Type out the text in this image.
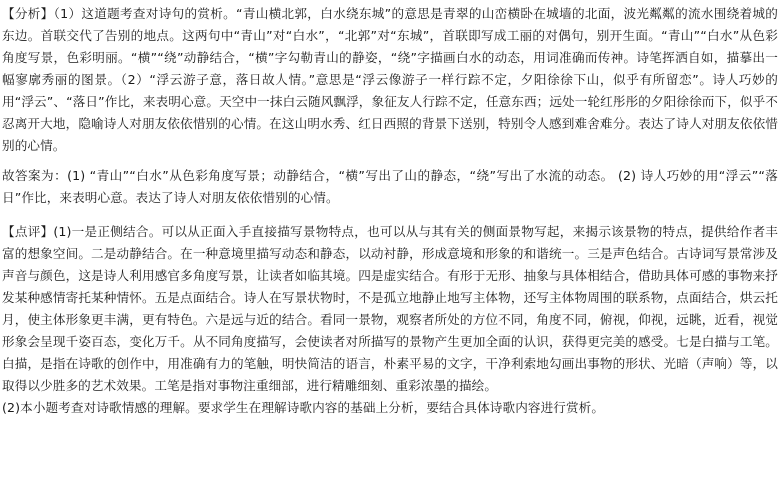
【分析】（1）这道题考查对诗句的赏析。“青山横北郭，白水绕东城”的意思是青翠的山峦横卧在城墙的北面，波光粼粼的流水围绕着城的东边。首联交代了告别的地点。这两句中“青山”对“白水”，“北郭”对“东城”，首联即写成工丽的对偶句，别开生面。“青山”“白水”从色彩角度写景，色彩明丽。“横”“绕”动静结合，“横”字勾勒青山的静姿，“绕”字描画白水的动态，用词准确而传神。诗笔挥洒自如，描摹出一幅寥廓秀丽的图景。（2）“浮云游子意，落日故人情。”意思是“浮云像游子一样行踪不定，夕阳徐徐下山，似乎有所留恋”。诗人巧妙的用“浮云”、“落日”作比，来表明心意。天空中一抹白云随风飘浮，象征友人行踪不定，任意东西；远处一轮红彤彤的夕阳徐徐而下，似乎不忍离开大地，隐喻诗人对朋友依依惜别的心情。在这山明水秀、红日西照的背景下送别，特别令人感到难舍难分。表达了诗人对朋友依依惜别的心情。

故答案为：(1) “青山”“白水”从色彩角度写景；动静结合，“横”写出了山的静态，“绕”写出了水流的动态。 (2) 诗人巧妙的用“浮云”“落日”作比，来表明心意。表达了诗人对朋友依依惜别的心情。

【点评】(1)一是正侧结合。可以从正面入手直接描写景物特点，也可以从与其有关的侧面景物写起，来揭示该景物的特点，提供给作者丰富的想象空间。二是动静结合。在一种意境里描写动态和静态，以动衬静，形成意境和形象的和谐统一。三是声色结合。古诗词写景常涉及声音与颜色，这是诗人利用感官多角度写景，让读者如临其境。四是虚实结合。有形于无形、抽象与具体相结合，借助具体可感的事物来抒发某种感情寄托某种情怀。五是点面结合。诗人在写景状物时，不是孤立地静止地写主体物，还写主体物周围的联系物，点面结合，烘云托月，使主体形象更丰满，更有特色。六是远与近的结合。看同一景物，观察者所处的方位不同，角度不同，俯视，仰视，远眺，近看，视觉形象会呈现千姿百态，变化万千。从不同角度描写，会使读者对所描写的景物产生更加全面的认识，获得更完美的感受。七是白描与工笔。白描，是指在诗歌的创作中，用准确有力的笔触，明快简洁的语言，朴素平易的文字，干净利索地勾画出事物的形状、光暗（声响）等，以取得以少胜多的艺术效果。工笔是指对事物注重细部，进行精雕细刻、重彩浓墨的描绘。
(2)本小题考查对诗歌情感的理解。要求学生在理解诗歌内容的基础上分析，要结合具体诗歌内容进行赏析。
